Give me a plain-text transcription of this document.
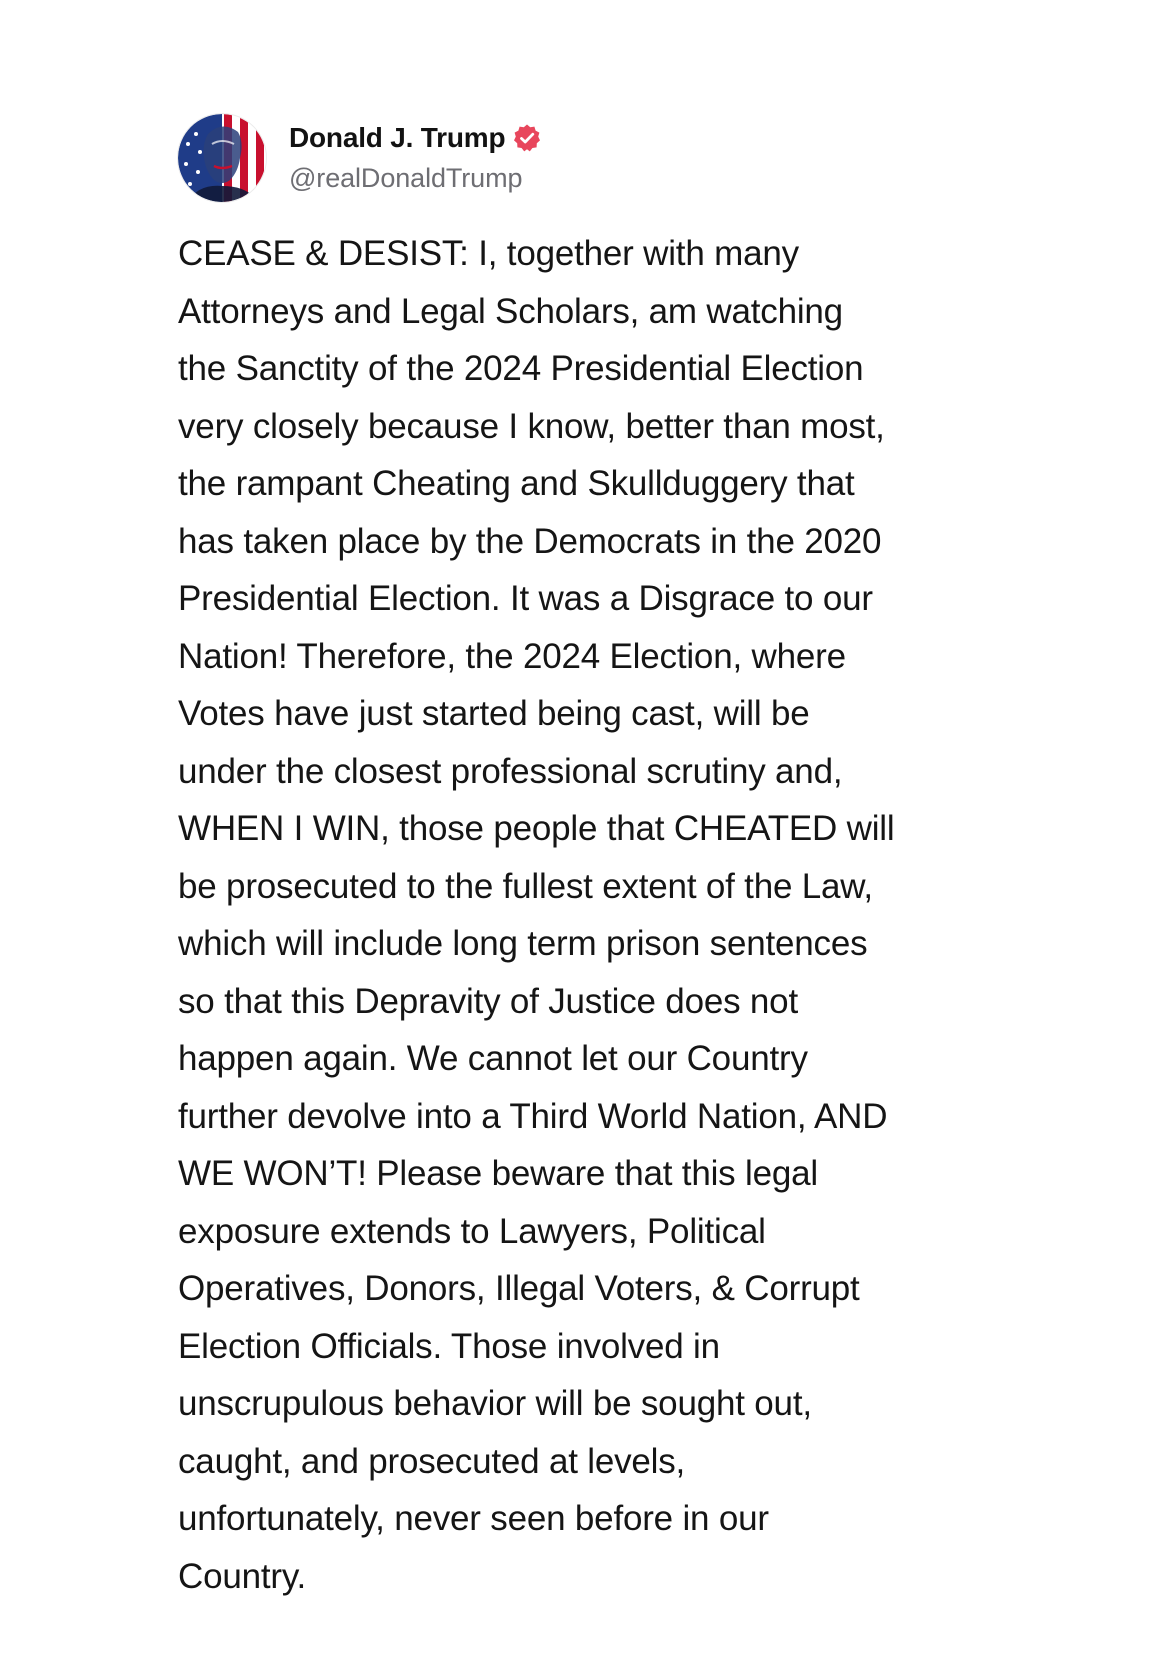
Donald J. Trump
@realDonaldTrump
CEASE & DESIST: I, together with many
Attorneys and Legal Scholars, am watching
the Sanctity of the 2024 Presidential Election
very closely because I know, better than most,
the rampant Cheating and Skullduggery that
has taken place by the Democrats in the 2020
Presidential Election. It was a Disgrace to our
Nation! Therefore, the 2024 Election, where
Votes have just started being cast, will be
under the closest professional scrutiny and,
WHEN I WIN, those people that CHEATED will
be prosecuted to the fullest extent of the Law,
which will include long term prison sentences
so that this Depravity of Justice does not
happen again. We cannot let our Country
further devolve into a Third World Nation, AND
WE WON’T! Please beware that this legal
exposure extends to Lawyers, Political
Operatives, Donors, Illegal Voters, & Corrupt
Election Officials. Those involved in
unscrupulous behavior will be sought out,
caught, and prosecuted at levels,
unfortunately, never seen before in our
Country.
